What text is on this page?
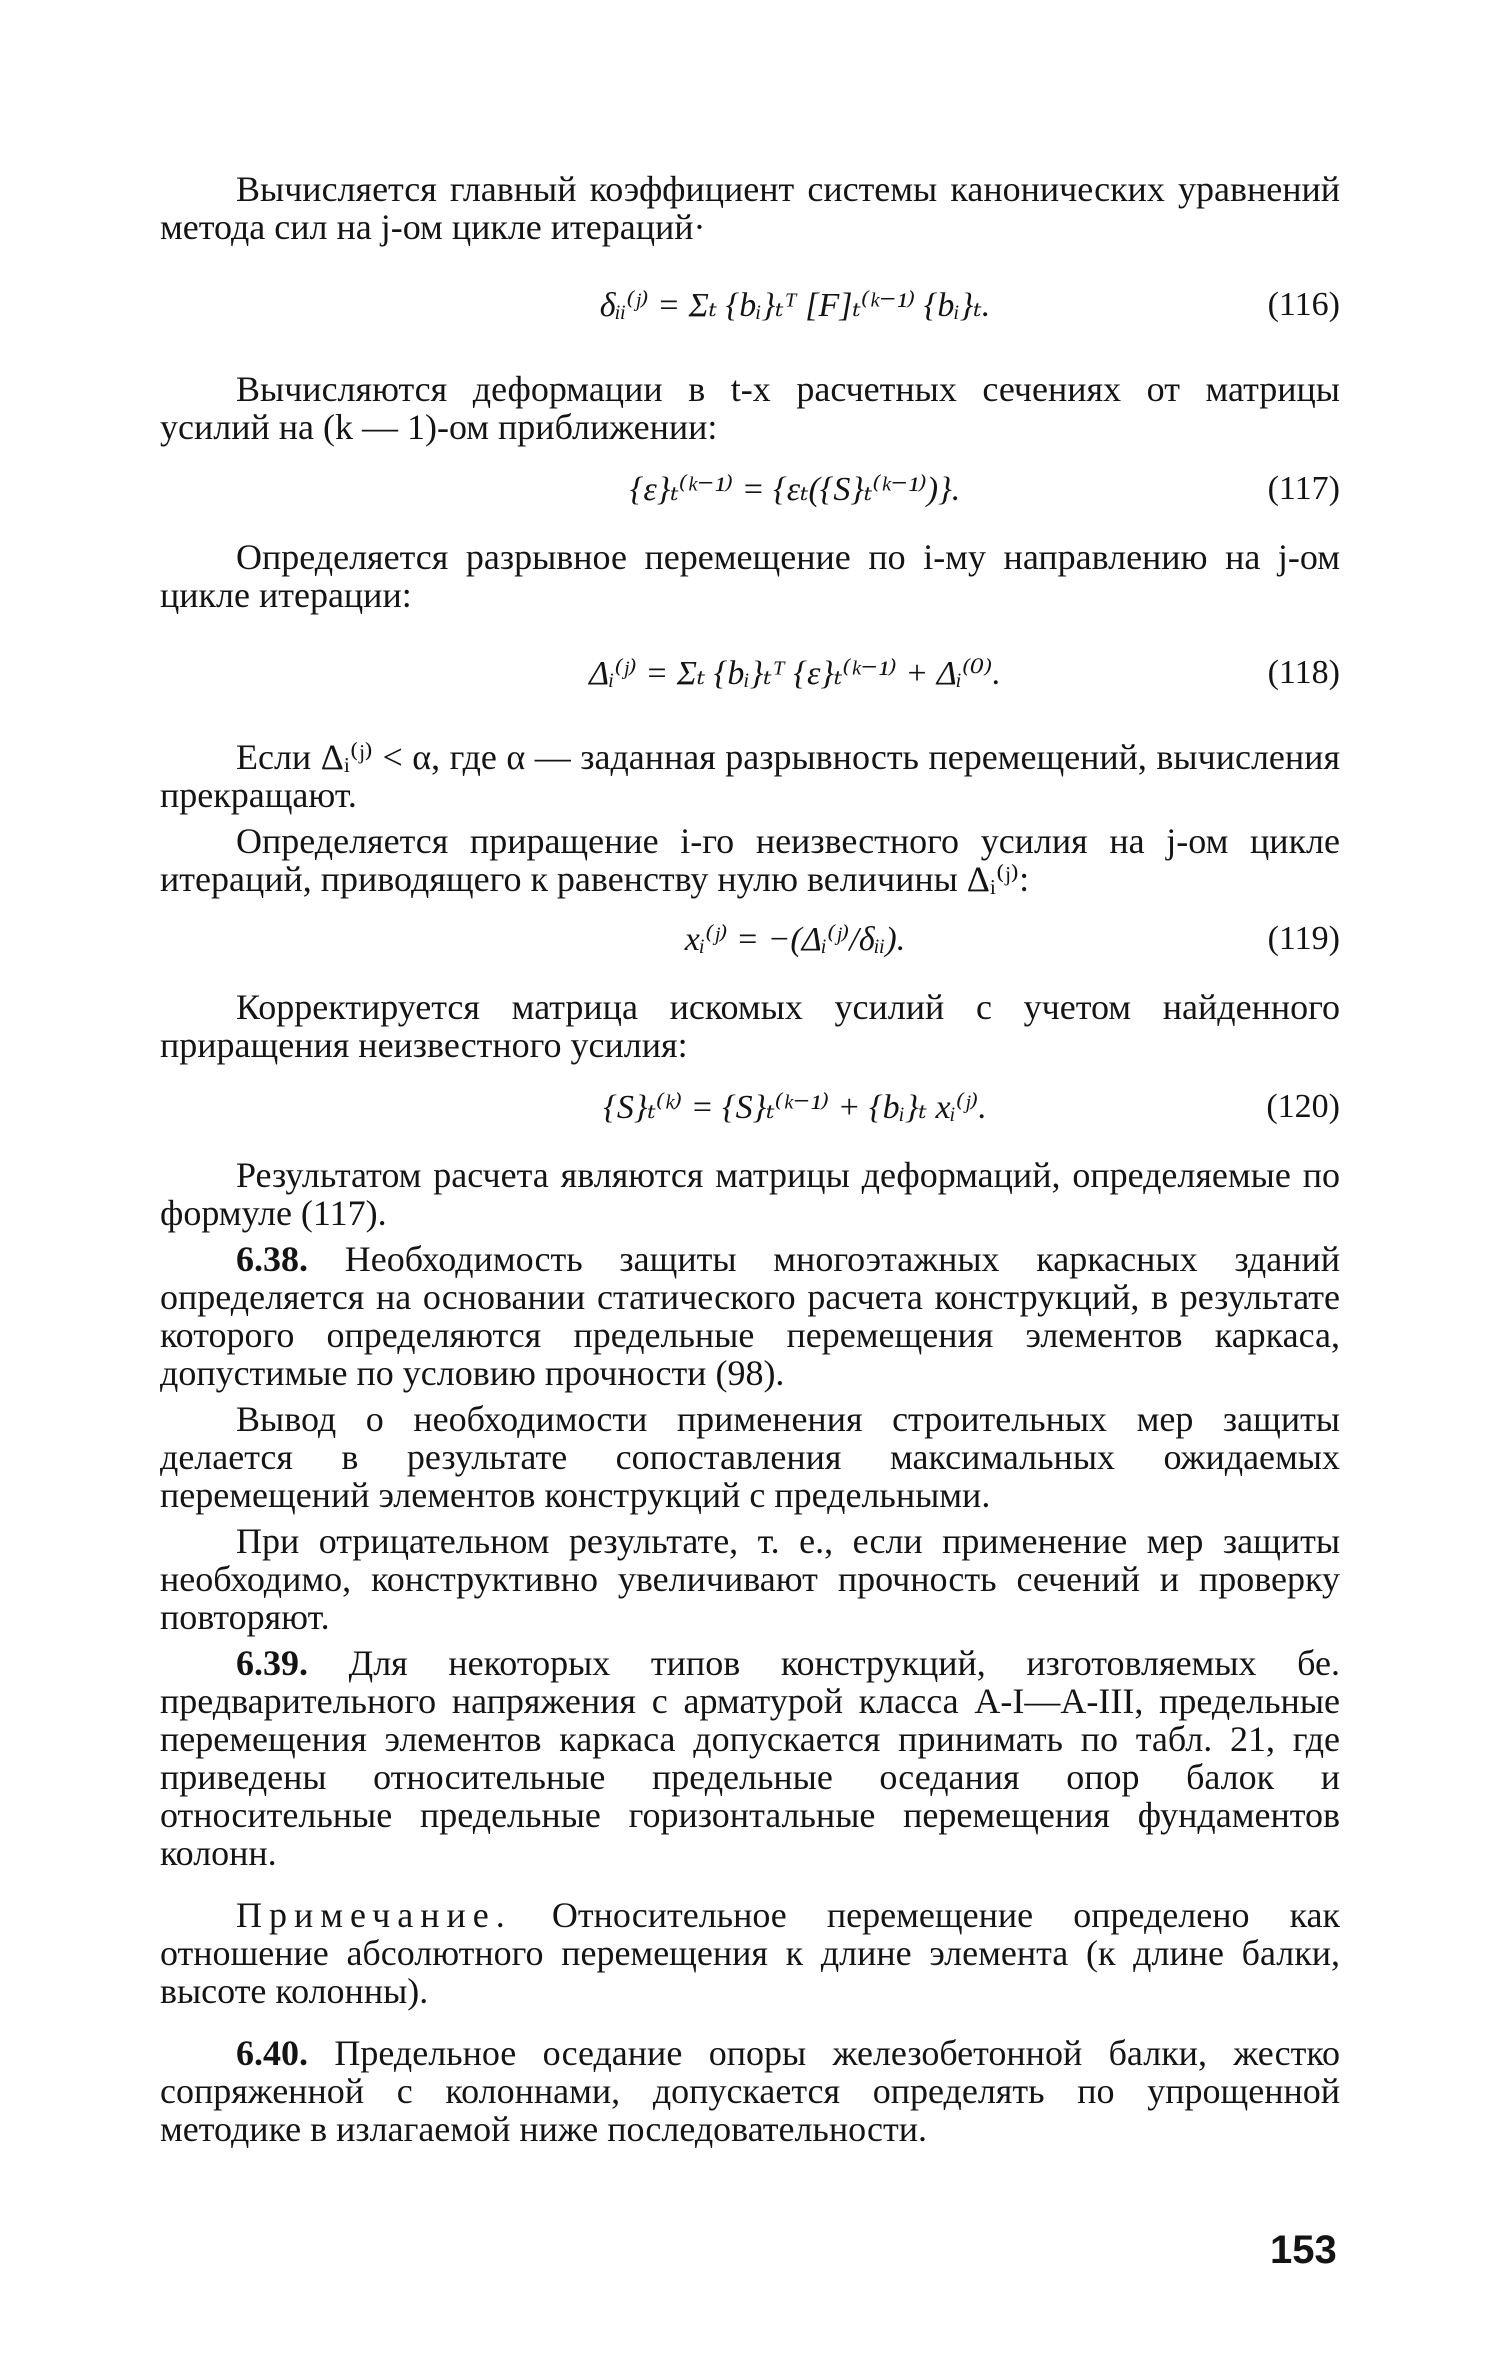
Вычисляется главный коэффициент системы канонических уравнений метода сил на j-ом цикле итераций·

δᵢᵢ⁽ʲ⁾ = Σₜ {bᵢ}ₜᵀ [F]ₜ⁽ᵏ⁻¹⁾ {bᵢ}ₜ.	(116)

Вычисляются деформации в t-х расчетных сечениях от матрицы усилий на (k — 1)-ом приближении:

{ε}ₜ⁽ᵏ⁻¹⁾ = {εₜ({S}ₜ⁽ᵏ⁻¹⁾)}.	(117)

Определяется разрывное перемещение по i-му направлению на j-ом цикле итерации:

Δᵢ⁽ʲ⁾ = Σₜ {bᵢ}ₜᵀ {ε}ₜ⁽ᵏ⁻¹⁾ + Δᵢ⁽⁰⁾.	(118)

Если Δᵢ⁽ʲ⁾ < α, где α — заданная разрывность перемещений, вычисления прекращают.

Определяется приращение i-го неизвестного усилия на j-ом цикле итераций, приводящего к равенству нулю величины Δᵢ⁽ʲ⁾:

xᵢ⁽ʲ⁾ = −(Δᵢ⁽ʲ⁾/δᵢᵢ).	(119)

Корректируется матрица искомых усилий с учетом найденного приращения неизвестного усилия:

{S}ₜ⁽ᵏ⁾ = {S}ₜ⁽ᵏ⁻¹⁾ + {bᵢ}ₜ xᵢ⁽ʲ⁾.	(120)

Результатом расчета являются матрицы деформаций, определяемые по формуле (117).

6.38. Необходимость защиты многоэтажных каркасных зданий определяется на основании статического расчета конструкций, в результате которого определяются предельные перемещения элементов каркаса, допустимые по условию прочности (98).

Вывод о необходимости применения строительных мер защиты делается в результате сопоставления максимальных ожидаемых перемещений элементов конструкций с предельными.

При отрицательном результате, т. е., если применение мер защиты необходимо, конструктивно увеличивают прочность сечений и проверку повторяют.

6.39. Для некоторых типов конструкций, изготовляемых бе. предварительного напряжения с арматурой класса A-I—A-III, предельные перемещения элементов каркаса допускается принимать по табл. 21, где приведены относительные предельные оседания опор балок и относительные предельные горизонтальные перемещения фундаментов колонн.

Примечание. Относительное перемещение определено как отношение абсолютного перемещения к длине элемента (к длине балки, высоте колонны).

6.40. Предельное оседание опоры железобетонной балки, жестко сопряженной с колоннами, допускается определять по упрощенной методике в излагаемой ниже последовательности.

153
